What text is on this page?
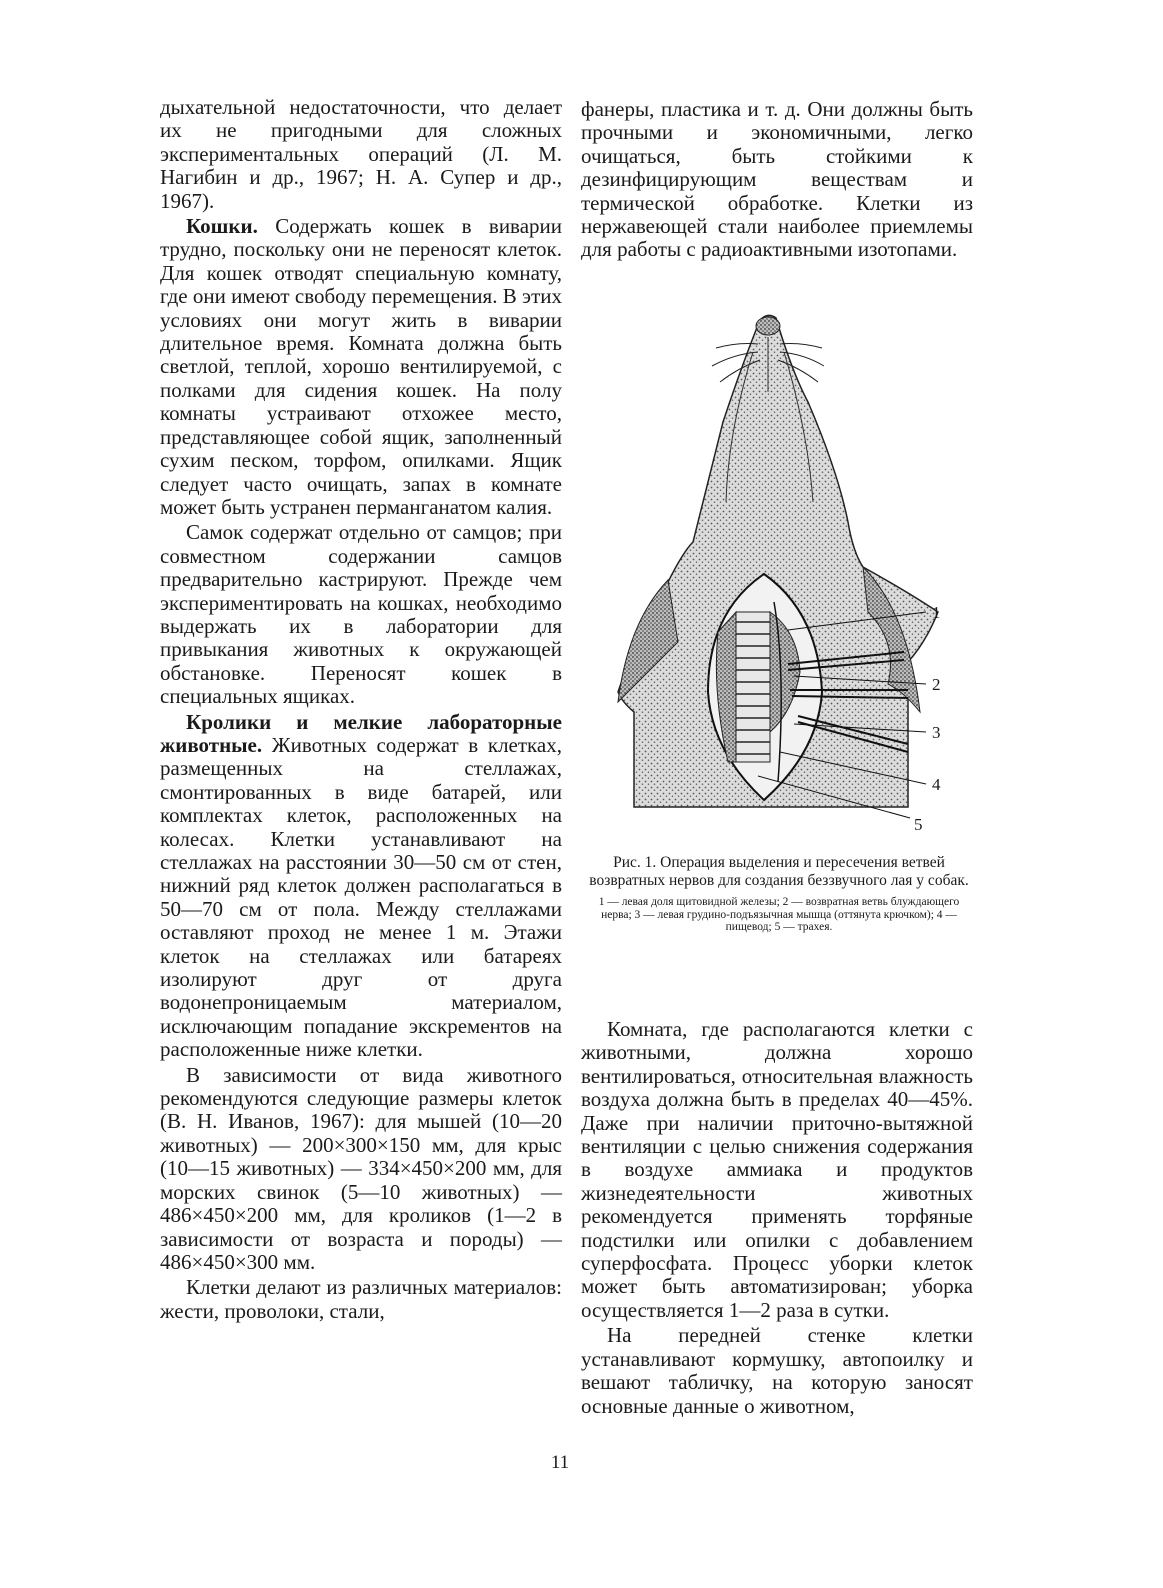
дыхательной недостаточности, что делает их не пригодными для сложных экспериментальных операций (Л. М. Нагибин и др., 1967; Н. А. Супер и др., 1967).

Кошки. Содержать кошек в виварии трудно, поскольку они не переносят клеток. Для кошек отводят специальную комнату, где они имеют свободу перемещения. В этих условиях они могут жить в виварии длительное время. Комната должна быть светлой, теплой, хорошо вентилируемой, с полками для сидения кошек. На полу комнаты устраивают отхожее место, представляющее собой ящик, заполненный сухим песком, торфом, опилками. Ящик следует часто очищать, запах в комнате может быть устранен перманганатом калия.

Самок содержат отдельно от самцов; при совместном содержании самцов предварительно кастрируют. Прежде чем экспериментировать на кошках, необходимо выдержать их в лаборатории для привыкания животных к окружающей обстановке. Переносят кошек в специальных ящиках.

Кролики и мелкие лабораторные животные. Животных содержат в клетках, размещенных на стеллажах, смонтированных в виде батарей, или комплектах клеток, расположенных на колесах. Клетки устанавливают на стеллажах на расстоянии 30—50 см от стен, нижний ряд клеток должен располагаться в 50—70 см от пола. Между стеллажами оставляют проход не менее 1 м. Этажи клеток на стеллажах или батареях изолируют друг от друга водонепроницаемым материалом, исключающим попадание экскрементов на расположенные ниже клетки.

В зависимости от вида животного рекомендуются следующие размеры клеток (В. Н. Иванов, 1967): для мышей (10—20 животных) — 200×300×150 мм, для крыс (10—15 животных) — 334×450×200 мм, для морских свинок (5—10 животных) — 486×450×200 мм, для кроликов (1—2 в зависимости от возраста и породы) —486×450×300 мм.

Клетки делают из различных материалов: жести, проволоки, стали,

фанеры, пластика и т. д. Они должны быть прочными и экономичными, легко очищаться, быть стойкими к дезинфицирующим веществам и термической обработке. Клетки из нержавеющей стали наиболее приемлемы для работы с радиоактивными изотопами.

1
2
3
4
5
Рис. 1. Операция выделения и пересечения ветвей возвратных нервов для создания беззвучного лая у собак.
1 — левая доля щитовидной железы; 2 — возвратная ветвь блуждающего нерва; 3 — левая грудино-подъязычная мышца (оттянута крючком); 4 — пищевод; 5 — трахея.

Комната, где располагаются клетки с животными, должна хорошо вентилироваться, относительная влажность воздуха должна быть в пределах 40—45%. Даже при наличии приточно-вытяжной вентиляции с целью снижения содержания в воздухе аммиака и продуктов жизнедеятельности животных рекомендуется применять торфяные подстилки или опилки с добавлением суперфосфата. Процесс уборки клеток может быть автоматизирован; уборка осуществляется 1—2 раза в сутки.

На передней стенке клетки устанавливают кормушку, автопоилку и вешают табличку, на которую заносят основные данные о животном,

11
